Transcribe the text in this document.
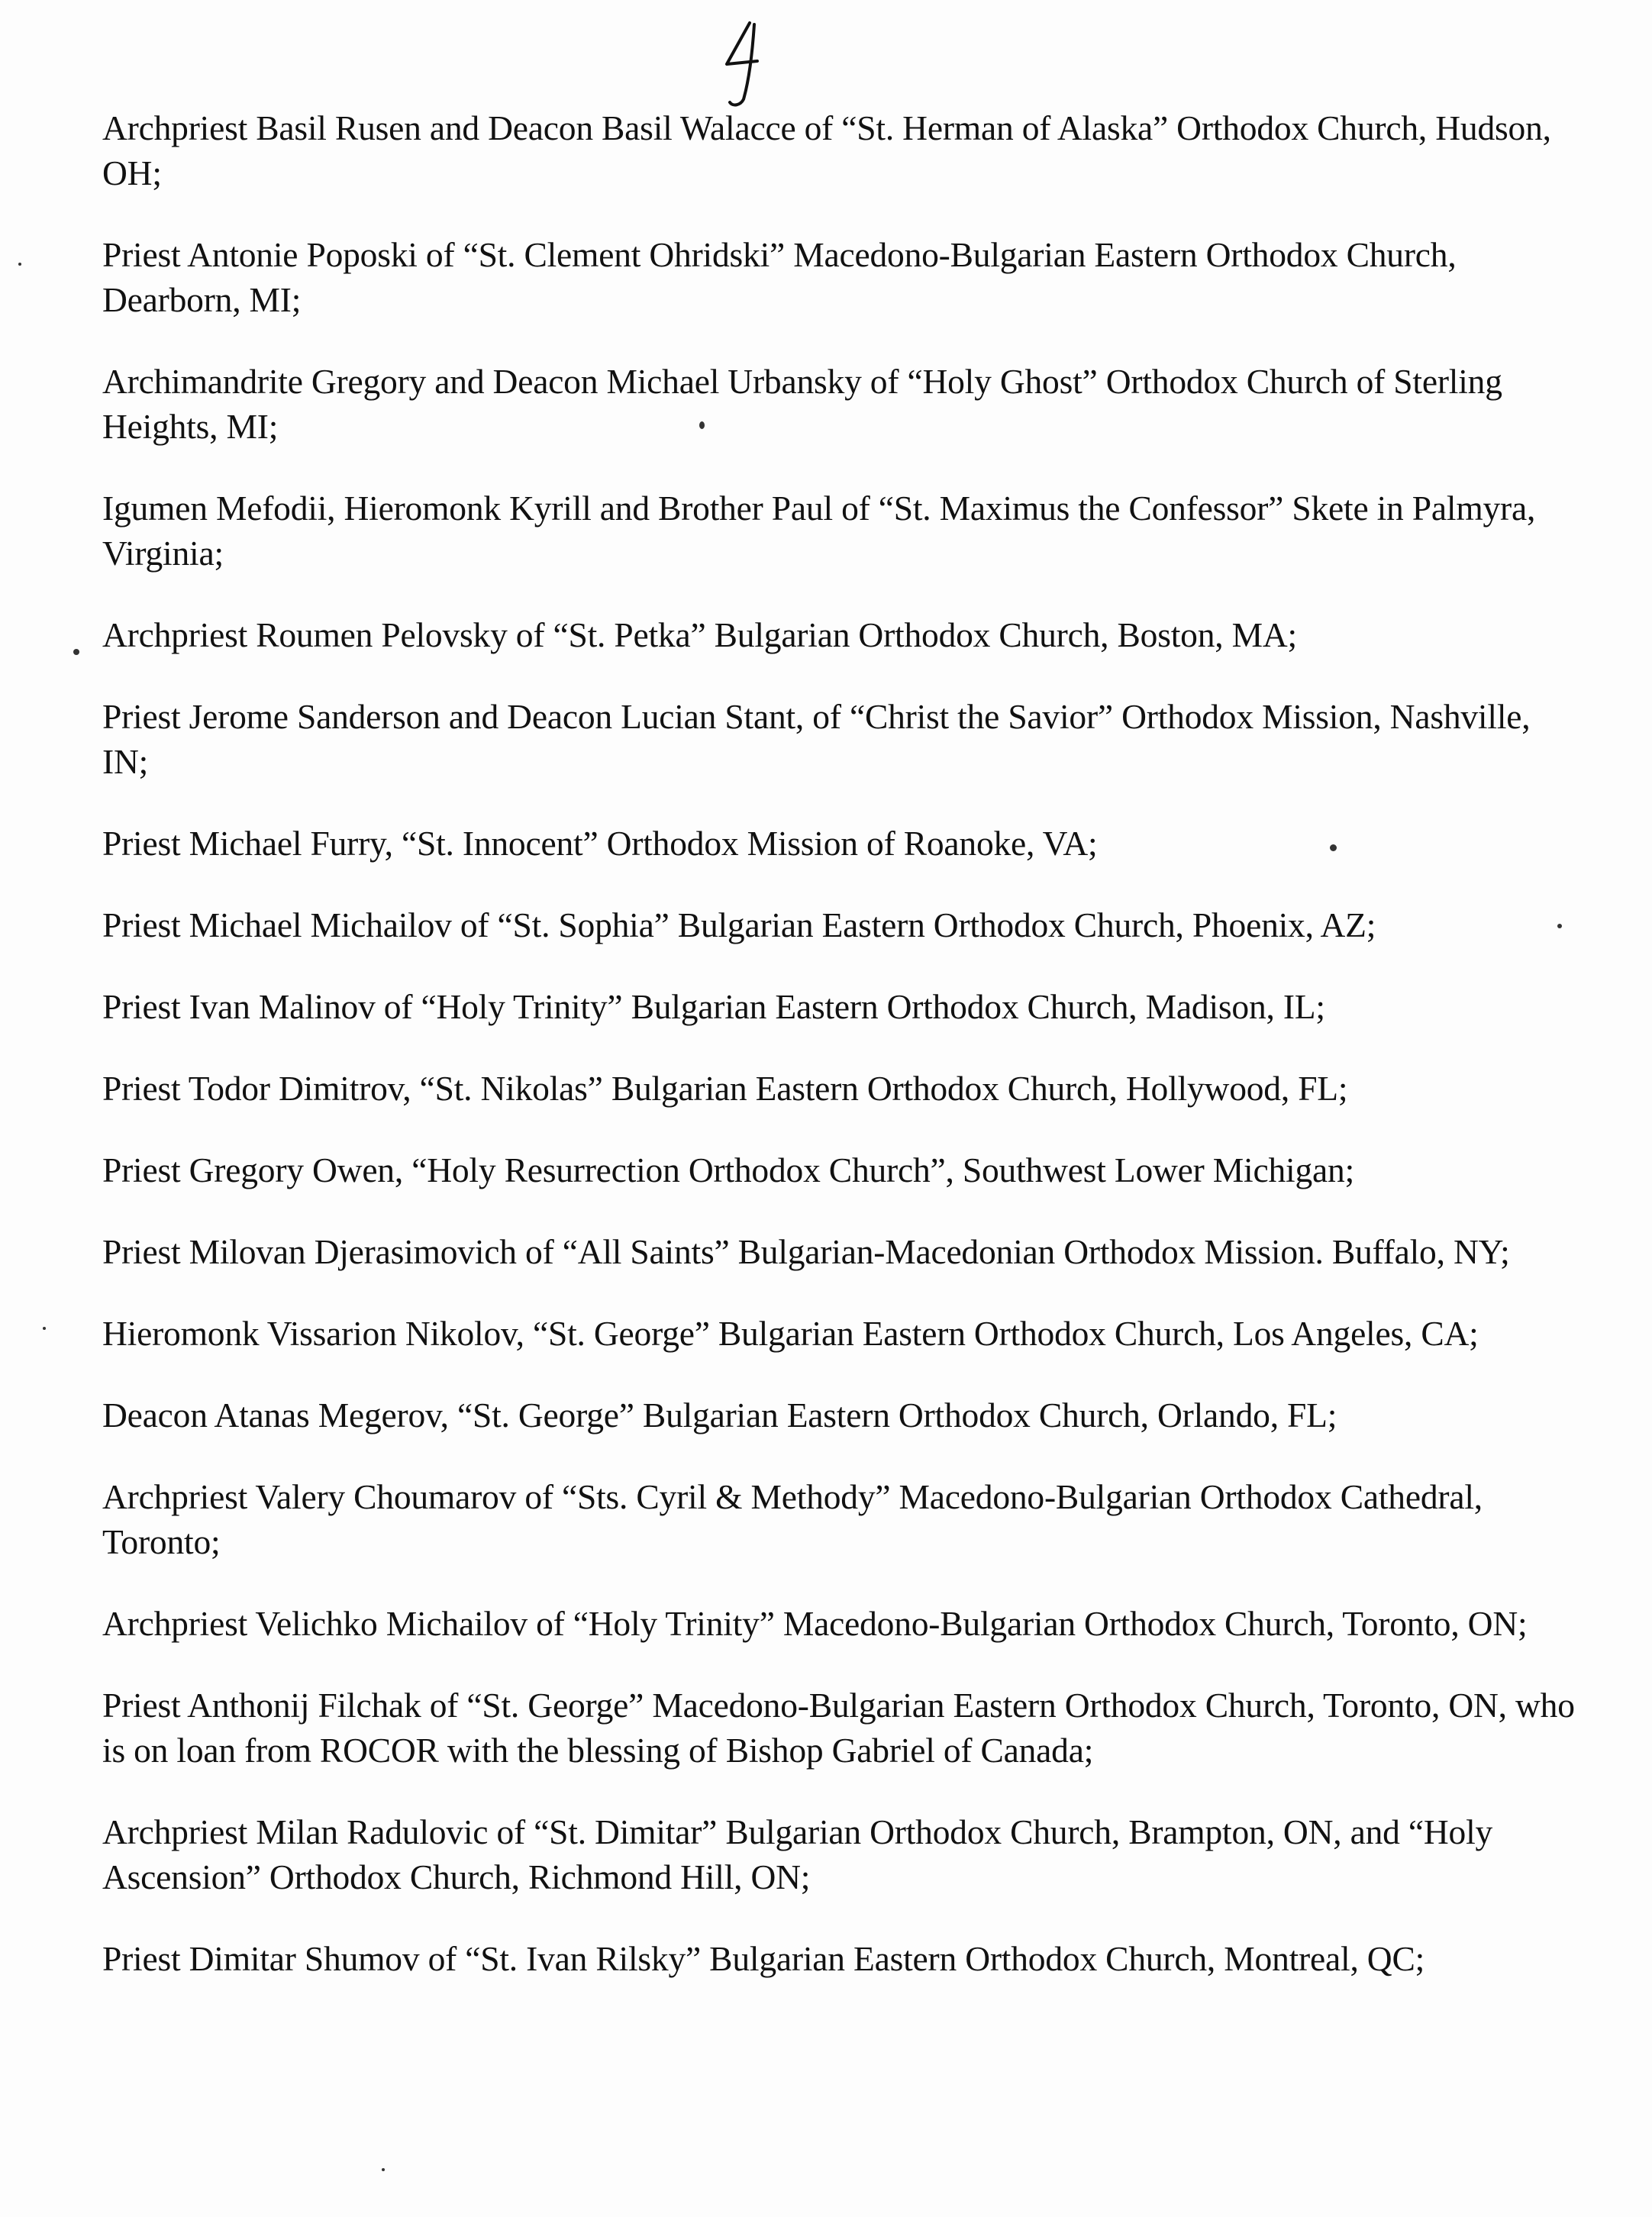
Archpriest Basil Rusen and Deacon Basil Walacce of “St. Herman of Alaska” Orthodox Church, Hudson, OH;
Priest Antonie Poposki of “St. Clement Ohridski” Macedono-Bulgarian Eastern Orthodox Church, Dearborn, MI;
Archimandrite Gregory and Deacon Michael Urbansky of “Holy Ghost” Orthodox Church of Sterling Heights, MI;
Igumen Mefodii, Hieromonk Kyrill and Brother Paul of “St. Maximus the Confessor” Skete in Palmyra, Virginia;
Archpriest Roumen Pelovsky of “St. Petka” Bulgarian Orthodox Church, Boston, MA;
Priest Jerome Sanderson and Deacon Lucian Stant, of “Christ the Savior” Orthodox Mission, Nashville, IN;
Priest Michael Furry, “St. Innocent” Orthodox Mission of Roanoke, VA;
Priest Michael Michailov of “St. Sophia” Bulgarian Eastern Orthodox Church, Phoenix, AZ;
Priest Ivan Malinov of “Holy Trinity” Bulgarian Eastern Orthodox Church, Madison, IL;
Priest Todor Dimitrov, “St. Nikolas” Bulgarian Eastern Orthodox Church, Hollywood, FL;
Priest Gregory Owen, “Holy Resurrection Orthodox Church”, Southwest Lower Michigan;
Priest Milovan Djerasimovich of “All Saints” Bulgarian-Macedonian Orthodox Mission. Buffalo, NY;
Hieromonk Vissarion Nikolov, “St. George” Bulgarian Eastern Orthodox Church, Los Angeles, CA;
Deacon Atanas Megerov, “St. George” Bulgarian Eastern Orthodox Church, Orlando, FL;
Archpriest Valery Choumarov of “Sts. Cyril & Methody” Macedono-Bulgarian Orthodox Cathedral, Toronto;
Archpriest Velichko Michailov of “Holy Trinity” Macedono-Bulgarian Orthodox Church, Toronto, ON;
Priest Anthonij Filchak of “St. George” Macedono-Bulgarian Eastern Orthodox Church, Toronto, ON, who is on loan from ROCOR with the blessing of Bishop Gabriel of Canada;
Archpriest Milan Radulovic of “St. Dimitar” Bulgarian Orthodox Church, Brampton, ON, and “Holy Ascension” Orthodox Church, Richmond Hill, ON;
Priest Dimitar Shumov of “St. Ivan Rilsky” Bulgarian Eastern Orthodox Church, Montreal, QC;
